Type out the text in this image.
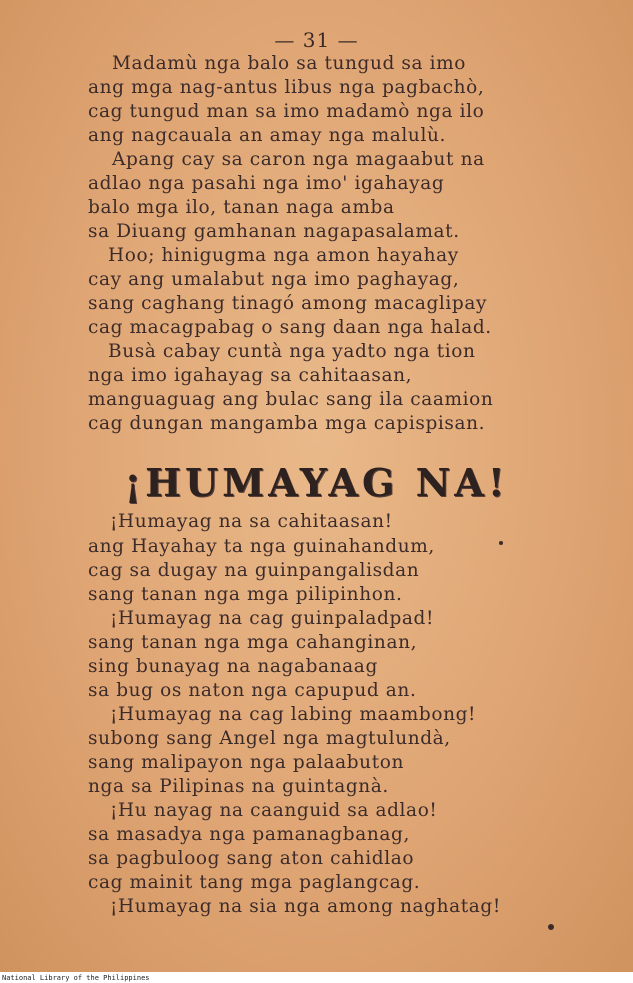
— 31 —
Madamù nga balo sa tungud sa imo
ang mga nag-antus libus nga pagbachò,
cag tungud man sa imo madamò nga ilo
ang nagcauala an amay nga malulù.
Apang cay sa caron nga magaabut na
adlao nga pasahi nga imo' igahayag
balo mga ilo, tanan naga amba
sa Diuang gamhanan nagapasalamat.
Hoo; hinigugma nga amon hayahay
cay ang umalabut nga imo paghayag,
sang caghang tinagó among macaglipay
cag macagpabag o sang daan nga halad.
Busà cabay cuntà nga yadto nga tion
nga imo igahayag sa cahitaasan,
manguaguag ang bulac sang ila caamion
cag dungan mangamba mga capispisan.
¡HUMAYAG NA!
¡Humayag na sa cahitaasan!
ang Hayahay ta nga guinahandum,
cag sa dugay na guinpangalisdan
sang tanan nga mga pilipinhon.
¡Humayag na cag guinpaladpad!
sang tanan nga mga cahanginan,
sing bunayag na nagabanaag
sa bug os naton nga capupud an.
¡Humayag na cag labing maambong!
subong sang Angel nga magtulundà,
sang malipayon nga palaabuton
nga sa Pilipinas na guintagnà.
¡Hu nayag na caanguid sa adlao!
sa masadya nga pamanagbanag,
sa pagbuloog sang aton cahidlao
cag mainit tang mga paglangcag.
¡Humayag na sia nga among naghatag!
National Library of the Philippines
